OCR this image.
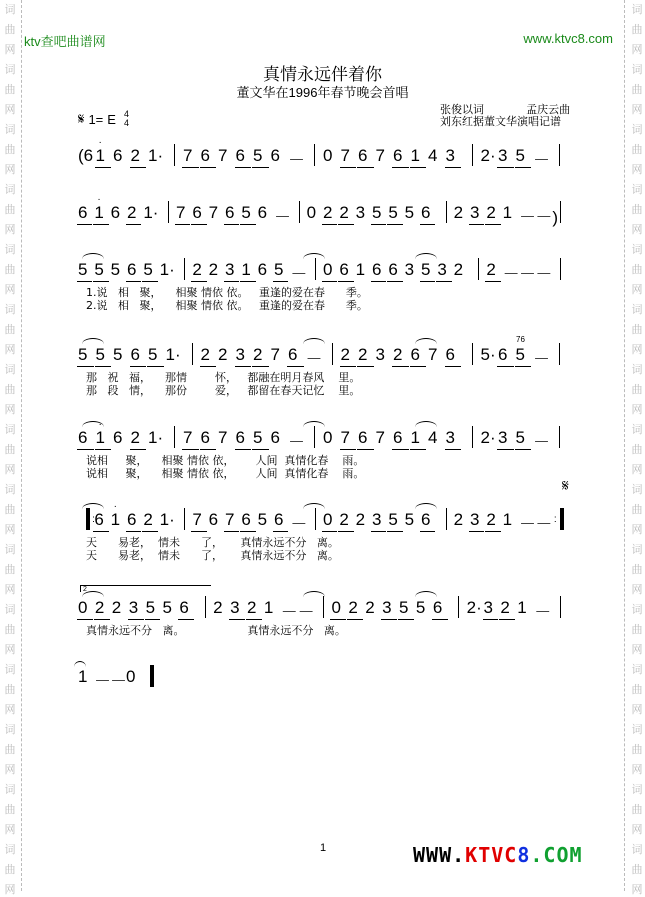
词
曲
网
词
曲
网
词
曲
网
词
曲
网
词
曲
网
词
曲
网
词
曲
网
词
曲
网
词
曲
网
词
曲
网
词
曲
网
词
曲
网
词
曲
网
词
曲
网
词
曲
网
词
曲
网
词
曲
网
词
曲
网
词
曲
网
词
曲
网
词
曲
网
词
曲
网
词
曲
网
词
曲
网
词
曲
网
词
曲
网
词
曲
网
词
曲
网
词
曲
网
词
曲
网
ktv查吧曲谱网	www.ktvc8.com
真情永远伴着你
董文华在1996年春节晚会首唱
张俊以词	孟庆云曲
刘东红据董文华演唱记谱
𝄋 1= E 4
4
(6 1
·
6 2 1· 7 6 7 6 5 6 － 0 7 6 7 6 1 4 3 2· 3 5 －
6 1
·
6 2 1· 7 6 7 6 5 6 － 0 2 2 3 5 5 5 6 2 3 2 1 － －)
5 5 5 6 5 1· 2 2 3 1 6 5 － 0 6 1 6 6 3 5 3 2 2 － － －
1.说   相   聚，    相聚 情依 依。   重逢的爱在春      季。
2.说   相   聚，    相聚 情依 依。   重逢的爱在春      季。
5 5 5 6 5 1· 2 2 3 2 7 6 － 2 2 3 2 6 7 6 5· 6 5 －
76
那   祝   福，    那情        怀，   都融在明月春风    里。
那   段   情，    那份        爱，   都留在春天记忆    里。
6 1
·
6 2 1· 7 6 7 6 5 6 － 0 7 6 7 6 1 4 3 2· 3 5 －
说相     聚，    相聚 情依 依，      人间  真情化春    雨。
说相     聚，    相聚 情依 依，      人间  真情化春    雨。
: 6 1
·
6 2 1· 7 6 7 6 5 6 － 0 2 2 3 5 5 6 2 3 2 1 － － :
天      易老，  情未      了，     真情永远不分   离。
天      易老，  情未      了，     真情永远不分   离。
0 2 2 3 5 5 6 2 3 2 1 － － 0 2 2 3 5 5 6 2· 3 2 1 －
真情永远不分   离。                  真情永远不分   离。
1 － － 0
2
𝄋
1	WWW.KTVC8.COM
